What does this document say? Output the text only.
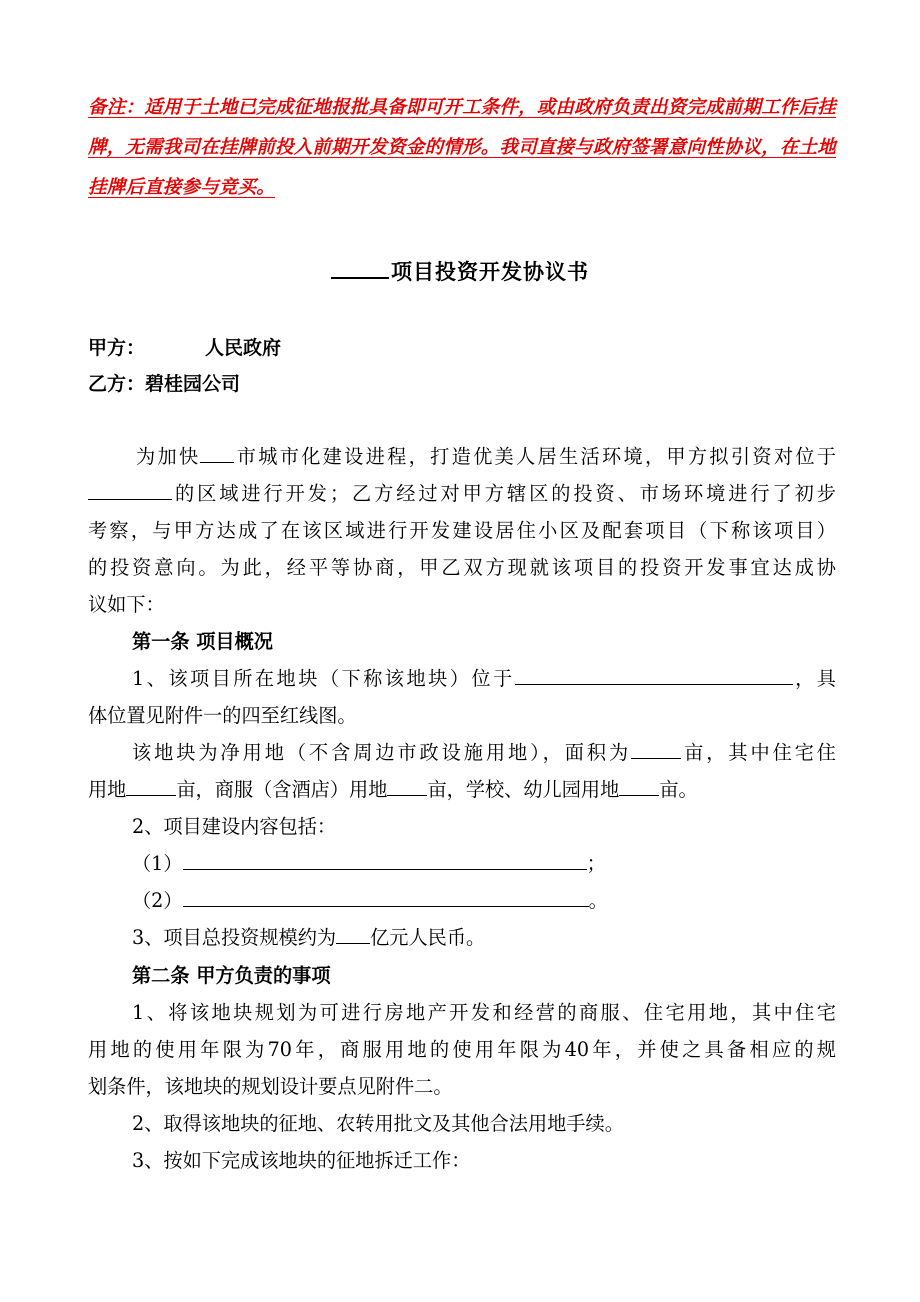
备注：适用于土地已完成征地报批具备即可开工条件，或由政府负责出资完成前期工作后挂
牌，无需我司在挂牌前投入前期开发资金的情形。我司直接与政府签署意向性协议，在土地
挂牌后直接参与竞买。

项目投资开发协议书

甲方：	人民政府

乙方：碧桂园公司

为加快 市城市化建设进程，打造优美人居生活环境，甲方拟引资对位于
的区域进行开发；乙方经过对甲方辖区的投资、市场环境进行了初步
考察，与甲方达成了在该区域进行开发建设居住小区及配套项目（下称该项目）
的投资意向。为此，经平等协商，甲乙双方现就该项目的投资开发事宜达成协
议如下：
第一条 项目概况
1、该项目所在地块（下称该地块）位于	，具
体位置见附件一的四至红线图。
该地块为净用地（不含周边市政设施用地），面积为	亩，其中住宅住
用地	亩，商服（含酒店）用地 亩，学校、幼儿园用地 亩。
2、项目建设内容包括：
（1）	；
（2）	。
3、项目总投资规模约为 亿元人民币。
第二条 甲方负责的事项
1、将该地块规划为可进行房地产开发和经营的商服、住宅用地，其中住宅
用地的使用年限为70年，商服用地的使用年限为40年，并使之具备相应的规
划条件，该地块的规划设计要点见附件二。
2、取得该地块的征地、农转用批文及其他合法用地手续。
3、按如下完成该地块的征地拆迁工作：
